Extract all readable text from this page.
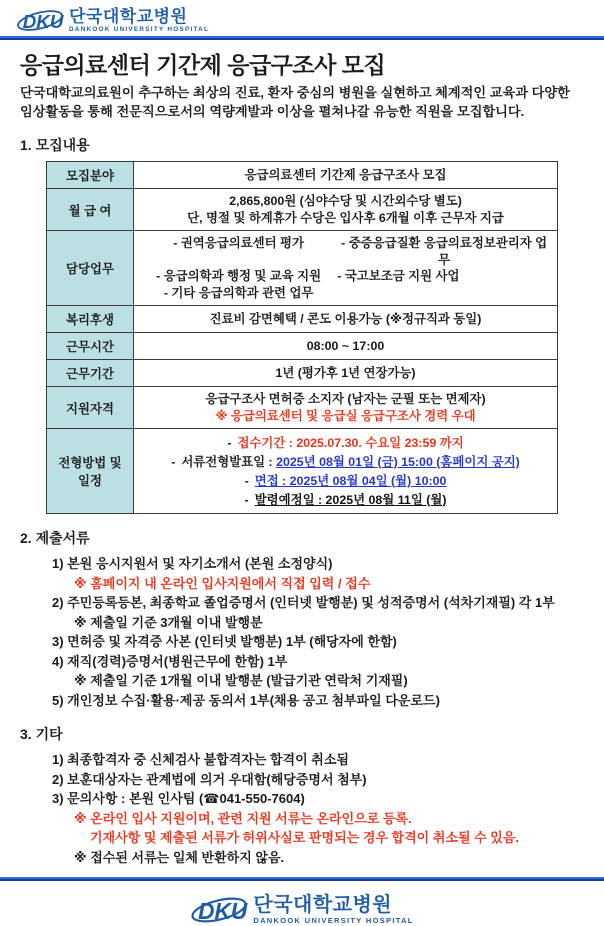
DKU 단국대학교병원
DANKOOK UNIVERSITY HOSPITAL
응급의료센터 기간제 응급구조사 모집
단국대학교의료원이 추구하는 최상의 진료, 환자 중심의 병원을 실현하고 체계적인 교육과 다양한 임상활동을 통해 전문직으로서의 역량계발과 이상을 펼쳐나갈 유능한 직원을 모집합니다.
1. 모집내용
모집분야	응급의료센터 기간제 응급구조사 모집
월 급 여	2,865,800원 (심야수당 및 시간외수당 별도)
단, 명절 및 하계휴가 수당은 입사후 6개월 이후 근무자 지급

담당업무	- 권역응급의료센터 평가 - 중증응급질환 응급의료정보관리자 업무
- 응급의학과 행정 및 교육 지원 - 국고보조금 지원 사업
- 기타 응급의학과 관련 업무

복리후생	진료비 감면혜택 / 콘도 이용가능 (※정규직과 동일)
근무시간	08:00 ~ 17:00
근무기간	1년 (평가후 1년 연장가능)
지원자격	응급구조사 면허증 소지자 (남자는 군필 또는 면제자)
※ 응급의료센터 및 응급실 응급구조사 경력 우대

전형방법 및 일정	- 접수기간 : 2025.07.30. 수요일 23:59 까지
- 서류전형발표일 : 2025년 08월 01일 (금) 15:00 (홈페이지 공지)
- 면접 : 2025년 08월 04일 (월) 10:00
- 발령예정일 : 2025년 08월 11일 (월)
2. 제출서류
1) 본원 응시지원서 및 자기소개서 (본원 소정양식)
※ 홈페이지 내 온라인 입사지원에서 직접 입력 / 접수
2) 주민등록등본, 최종학교 졸업증명서 (인터넷 발행분) 및 성적증명서 (석차기재필) 각 1부
※ 제출일 기준 3개월 이내 발행분
3) 면허증 및 자격증 사본 (인터넷 발행분) 1부 (해당자에 한함)
4) 재직(경력)증명서(병원근무에 한함) 1부
※ 제출일 기준 1개월 이내 발행분 (발급기관 연락처 기재필)
5) 개인정보 수집·활용·제공 동의서 1부(채용 공고 첨부파일 다운로드)
3. 기타
1) 최종합격자 중 신체검사 불합격자는 합격이 취소됨
2) 보훈대상자는 관계법에 의거 우대함(해당증명서 첨부)
3) 문의사항 : 본원 인사팀 (☎041-550-7604)
※ 온라인 입사 지원이며, 관련 지원 서류는 온라인으로 등록.
기재사항 및 제출된 서류가 허위사실로 판명되는 경우 합격이 취소될 수 있음.
※ 접수된 서류는 일체 반환하지 않음.
DKU 단국대학교병원
DANKOOK UNIVERSITY HOSPITAL
